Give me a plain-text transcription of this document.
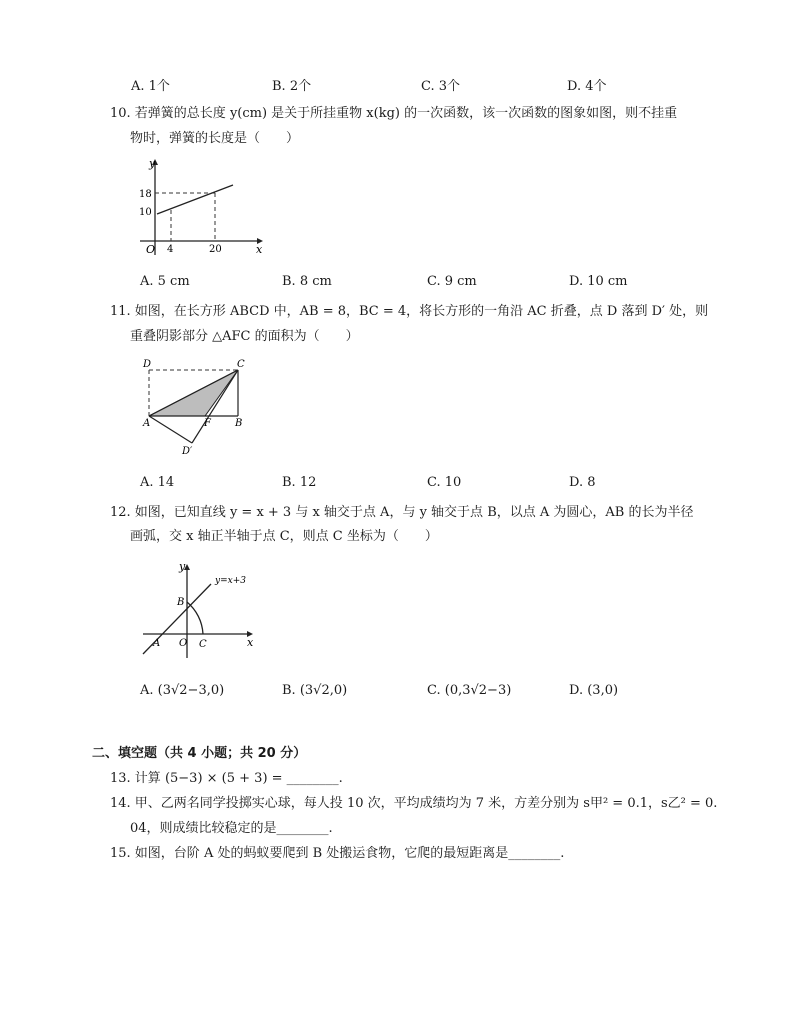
A. 1个	B. 2个	C. 3个	D. 4个
10. 若弹簧的总长度 y(cm) 是关于所挂重物 x(kg) 的一次函数，该一次函数的图象如图，则不挂重
物时，弹簧的长度是（　　）
y
x
O
18
10
4	20
A. 5 cm	B. 8 cm	C. 9 cm	D. 10 cm
11. 如图，在长方形 ABCD 中，AB = 8，BC = 4，将长方形的一角沿 AC 折叠，点 D 落到 D′ 处，则
重叠阴影部分 △AFC 的面积为（　　）
D	C
A	F B
D′
A. 14	B. 12	C. 10	D. 8
12. 如图，已知直线 y = x + 3 与 x 轴交于点 A，与 y 轴交于点 B，以点 A 为圆心，AB 的长为半径
画弧，交 x 轴正半轴于点 C，则点 C 坐标为（　　）
y
x
y=x+3
B
A O C
A. (3√2−3,0)	B. (3√2,0)	C. (0,3√2−3)	D. (3,0)
二、填空题（共 4 小题；共 20 分）
13. 计算 (5−3) × (5 + 3) = ________.
14. 甲、乙两名同学投掷实心球，每人投 10 次，平均成绩均为 7 米，方差分别为 s甲² = 0.1，s乙² = 0.
04，则成绩比较稳定的是________.
15. 如图，台阶 A 处的蚂蚁要爬到 B 处搬运食物，它爬的最短距离是________.
